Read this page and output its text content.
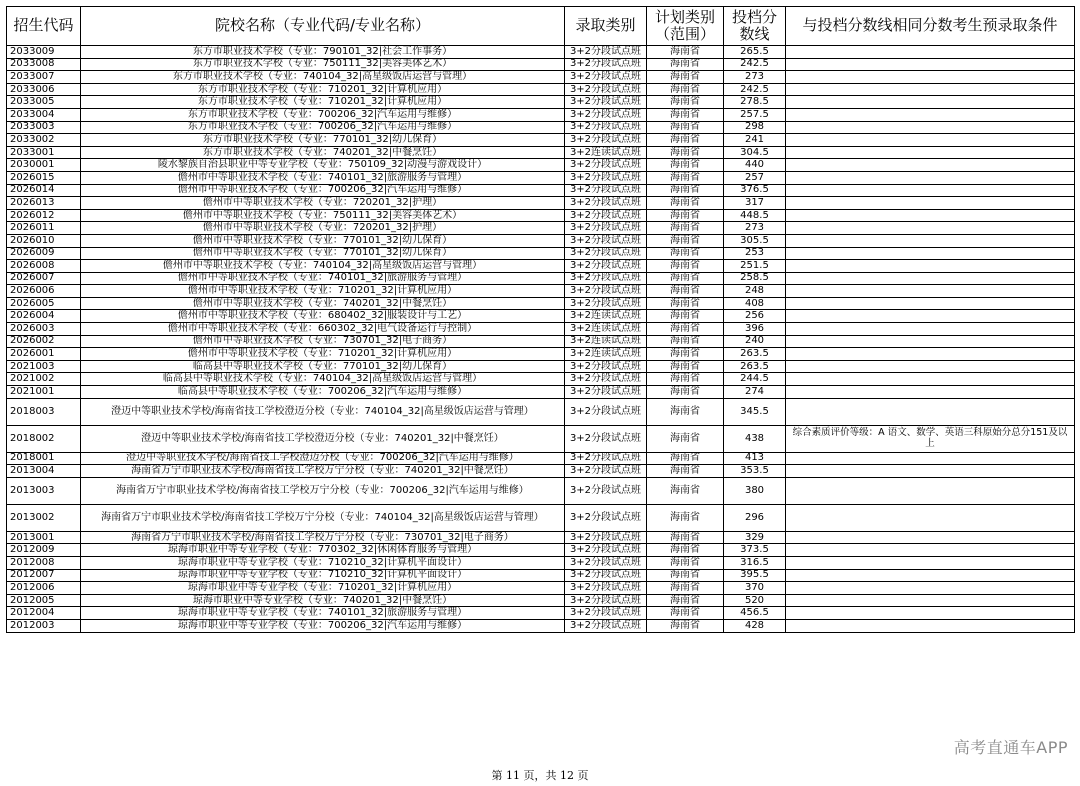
招生代码	院校名称（专业代码/专业名称）	录取类别	计划类别（范围）	投档分数线	与投档分数线相同分数考生预录取条件
2033009	东方市职业技术学校（专业：790101_32|社会工作事务）	3+2分段试点班	海南省	265.5	
2033008	东方市职业技术学校（专业：750111_32|美容美体艺术）	3+2分段试点班	海南省	242.5	
2033007	东方市职业技术学校（专业：740104_32|高星级饭店运营与管理）	3+2分段试点班	海南省	273	
2033006	东方市职业技术学校（专业：710201_32|计算机应用）	3+2分段试点班	海南省	242.5	
2033005	东方市职业技术学校（专业：710201_32|计算机应用）	3+2分段试点班	海南省	278.5	
2033004	东方市职业技术学校（专业：700206_32|汽车运用与维修）	3+2分段试点班	海南省	257.5	
2033003	东方市职业技术学校（专业：700206_32|汽车运用与维修）	3+2分段试点班	海南省	298	
2033002	东方市职业技术学校（专业：770101_32|幼儿保育）	3+2分段试点班	海南省	241	
2033001	东方市职业技术学校（专业：740201_32|中餐烹饪）	3+2连读试点班	海南省	304.5	
2030001	陵水黎族自治县职业中等专业学校（专业：750109_32|动漫与游戏设计）	3+2分段试点班	海南省	440	
2026015	儋州市中等职业技术学校（专业：740101_32|旅游服务与管理）	3+2分段试点班	海南省	257	
2026014	儋州市中等职业技术学校（专业：700206_32|汽车运用与维修）	3+2分段试点班	海南省	376.5	
2026013	儋州市中等职业技术学校（专业：720201_32|护理）	3+2分段试点班	海南省	317	
2026012	儋州市中等职业技术学校（专业：750111_32|美容美体艺术）	3+2分段试点班	海南省	448.5	
2026011	儋州市中等职业技术学校（专业：720201_32|护理）	3+2分段试点班	海南省	273	
2026010	儋州市中等职业技术学校（专业：770101_32|幼儿保育）	3+2分段试点班	海南省	305.5	
2026009	儋州市中等职业技术学校（专业：770101_32|幼儿保育）	3+2分段试点班	海南省	253	
2026008	儋州市中等职业技术学校（专业：740104_32|高星级饭店运营与管理）	3+2分段试点班	海南省	251.5	
2026007	儋州市中等职业技术学校（专业：740101_32|旅游服务与管理）	3+2分段试点班	海南省	258.5	
2026006	儋州市中等职业技术学校（专业：710201_32|计算机应用）	3+2分段试点班	海南省	248	
2026005	儋州市中等职业技术学校（专业：740201_32|中餐烹饪）	3+2分段试点班	海南省	408	
2026004	儋州市中等职业技术学校（专业：680402_32|服装设计与工艺）	3+2连读试点班	海南省	256	
2026003	儋州市中等职业技术学校（专业：660302_32|电气设备运行与控制）	3+2连读试点班	海南省	396	
2026002	儋州市中等职业技术学校（专业：730701_32|电子商务）	3+2连读试点班	海南省	240	
2026001	儋州市中等职业技术学校（专业：710201_32|计算机应用）	3+2连读试点班	海南省	263.5	
2021003	临高县中等职业技术学校（专业：770101_32|幼儿保育）	3+2分段试点班	海南省	263.5	
2021002	临高县中等职业技术学校（专业：740104_32|高星级饭店运营与管理）	3+2分段试点班	海南省	244.5	
2021001	临高县中等职业技术学校（专业：700206_32|汽车运用与维修）	3+2分段试点班	海南省	274	
2018003	澄迈中等职业技术学校/海南省技工学校澄迈分校（专业：740104_32|高星级饭店运营与管理）	3+2分段试点班	海南省	345.5	
2018002	澄迈中等职业技术学校/海南省技工学校澄迈分校（专业：740201_32|中餐烹饪）	3+2分段试点班	海南省	438	综合素质评价等级：A 语文、数学、英语三科原始分总分151及以上
2018001	澄迈中等职业技术学校/海南省技工学校澄迈分校（专业：700206_32|汽车运用与维修）	3+2分段试点班	海南省	413	
2013004	海南省万宁市职业技术学校/海南省技工学校万宁分校（专业：740201_32|中餐烹饪）	3+2分段试点班	海南省	353.5	
2013003	海南省万宁市职业技术学校/海南省技工学校万宁分校（专业：700206_32|汽车运用与维修）	3+2分段试点班	海南省	380	
2013002	海南省万宁市职业技术学校/海南省技工学校万宁分校（专业：740104_32|高星级饭店运营与管理）	3+2分段试点班	海南省	296	
2013001	海南省万宁市职业技术学校/海南省技工学校万宁分校（专业：730701_32|电子商务）	3+2分段试点班	海南省	329	
2012009	琼海市职业中等专业学校（专业：770302_32|休闲体育服务与管理）	3+2分段试点班	海南省	373.5	
2012008	琼海市职业中等专业学校（专业：710210_32|计算机平面设计）	3+2分段试点班	海南省	316.5	
2012007	琼海市职业中等专业学校（专业：710210_32|计算机平面设计）	3+2分段试点班	海南省	395.5	
2012006	琼海市职业中等专业学校（专业：710201_32|计算机应用）	3+2分段试点班	海南省	370	
2012005	琼海市职业中等专业学校（专业：740201_32|中餐烹饪）	3+2分段试点班	海南省	520	
2012004	琼海市职业中等专业学校（专业：740101_32|旅游服务与管理）	3+2分段试点班	海南省	456.5	
2012003	琼海市职业中等专业学校（专业：700206_32|汽车运用与维修）	3+2分段试点班	海南省	428	
高考直通车APP
第 11 页，共 12 页
